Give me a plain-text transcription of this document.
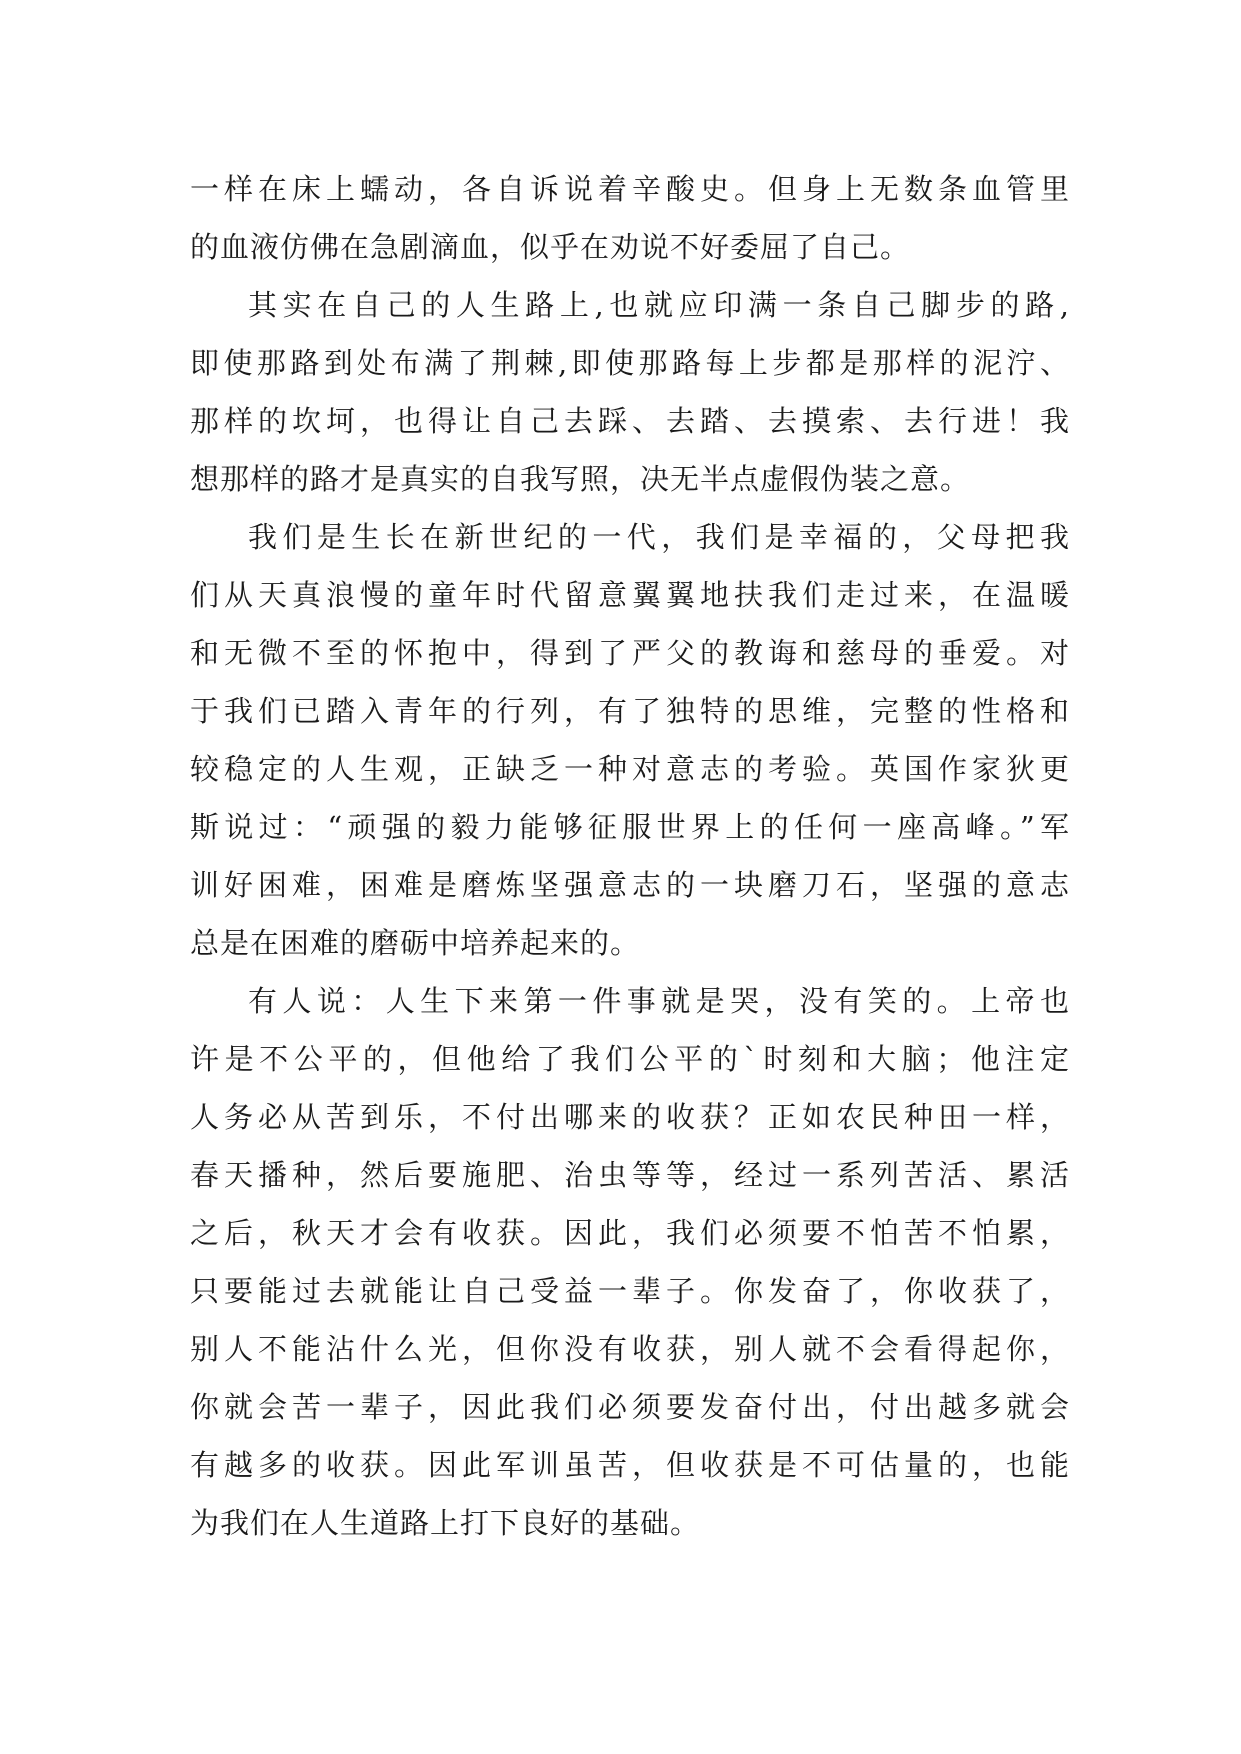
一样在床上蠕动，各自诉说着辛酸史。但身上无数条血管里
的血液仿佛在急剧滴血，似乎在劝说不好委屈了自己。
其实在自己的人生路上,也就应印满一条自己脚步的路,
即使那路到处布满了荆棘,即使那路每上步都是那样的泥泞、
那样的坎坷，也得让自己去踩、去踏、去摸索、去行进！我
想那样的路才是真实的自我写照，决无半点虚假伪装之意。
我们是生长在新世纪的一代，我们是幸福的，父母把我
们从天真浪慢的童年时代留意翼翼地扶我们走过来，在温暖
和无微不至的怀抱中，得到了严父的教诲和慈母的垂爱。对
于我们已踏入青年的行列，有了独特的思维，完整的性格和
较稳定的人生观，正缺乏一种对意志的考验。英国作家狄更
斯说过：“顽强的毅力能够征服世界上的任何一座高峰。”军
训好困难，困难是磨炼坚强意志的一块磨刀石，坚强的意志
总是在困难的磨砺中培养起来的。
有人说：人生下来第一件事就是哭，没有笑的。上帝也
许是不公平的，但他给了我们公平的`时刻和大脑；他注定
人务必从苦到乐，不付出哪来的收获？正如农民种田一样，
春天播种，然后要施肥、治虫等等，经过一系列苦活、累活
之后，秋天才会有收获。因此，我们必须要不怕苦不怕累，
只要能过去就能让自己受益一辈子。你发奋了，你收获了，
别人不能沾什么光，但你没有收获，别人就不会看得起你，
你就会苦一辈子，因此我们必须要发奋付出，付出越多就会
有越多的收获。因此军训虽苦，但收获是不可估量的，也能
为我们在人生道路上打下良好的基础。
